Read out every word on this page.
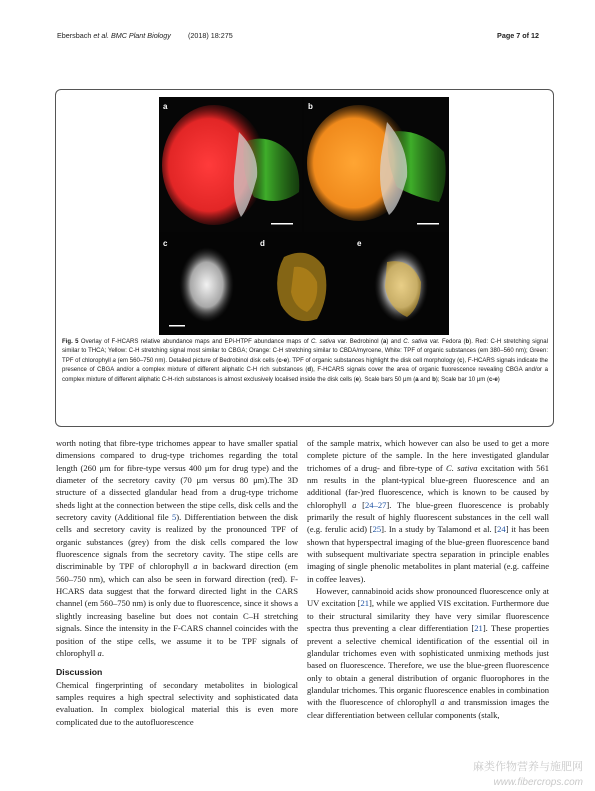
Ebersbach et al. BMC Plant Biology (2018) 18:275	Page 7 of 12
a	b
c	d	e
Fig. 5 Overlay of F-HCARS relative abundance maps and EPi-HTPF abundance maps of C. sativa var. Bedrobinol (a) and C. sativa var. Fedora (b). Red: C-H stretching signal similar to THCA; Yellow: C-H stretching signal most similar to CBGA; Orange: C-H stretching similar to CBDA/myrcene, White: TPF of organic substances (em 380–560 nm); Green: TPF of chlorophyll a (em 560–750 nm). Detailed picture of Bedrobinol disk cells (c-e). TPF of organic substances highlight the disk cell morphology (c), F-HCARS signals indicate the presence of CBGA and/or a complex mixture of different aliphatic C-H rich substances (d), F-HCARS signals cover the area of organic fluorescence revealing CBGA and/or a complex mixture of different aliphatic C-H-rich substances is almost exclusively localised inside the disk cells (e). Scale bars 50 μm (a and b); Scale bar 10 μm (c-e)

worth noting that fibre-type trichomes appear to have smaller spatial dimensions compared to drug-type trichomes regarding the total length (260 μm for fibre-type versus 400 μm for drug type) and the diameter of the secretory cavity (70 μm versus 80 μm).The 3D structure of a dissected glandular head from a drug-type trichome sheds light at the connection between the stipe cells, disk cells and the secretory cavity (Additional file 5). Differentiation between the disk cells and secretory cavity is realized by the pronounced TPF of organic substances (grey) from the disk cells compared the low fluorescence signals from the secretory cavity. The stipe cells are discriminable by TPF of chlorophyll a in backward direction (em 560–750 nm), which can also be seen in forward direction (red). F-HCARS data suggest that the forward directed light in the CARS channel (em 560–750 nm) is only due to fluorescence, since it shows a slightly increasing baseline but does not contain C–H stretching signals. Since the intensity in the F-CARS channel coincides with the position of the stipe cells, we assume it to be TPF signals of chlorophyll a.

Discussion

Chemical fingerprinting of secondary metabolites in biological samples requires a high spectral selectivity and sophisticated data evaluation. In complex biological material this is even more complicated due to the autofluorescence

of the sample matrix, which however can also be used to get a more complete picture of the sample. In the here investigated glandular trichomes of a drug- and fibre-type of C. sativa excitation with 561 nm results in the plant-typical blue-green fluorescence and an additional (far-)red fluorescence, which is known to be caused by chlorophyll a [24–27]. The blue-green fluorescence is probably primarily the result of highly fluorescent substances in the cell wall (e.g. ferulic acid) [25]. In a study by Talamond et al. [24] it has been shown that hyperspectral imaging of the blue-green fluorescence band with subsequent multivariate spectra separation in principle enables imaging of single phenolic metabolites in plant material (e.g. caffeine in coffee leaves).

However, cannabinoid acids show pronounced fluorescence only at UV excitation [21], while we applied VIS excitation. Furthermore due to their structural similarity they have very similar fluorescence spectra thus preventing a clear differentiation [21]. These properties prevent a selective chemical identification of the essential oil in glandular trichomes even with sophisticated unmixing methods just based on fluorescence. Therefore, we use the blue-green fluorescence only to obtain a general distribution of organic fluorophores in the glandular trichomes. This organic fluorescence enables in combination with the fluorescence of chlorophyll a and transmission images the clear differentiation between cellular components (stalk,

麻类作物营养与施肥网
www.fibercrops.com
